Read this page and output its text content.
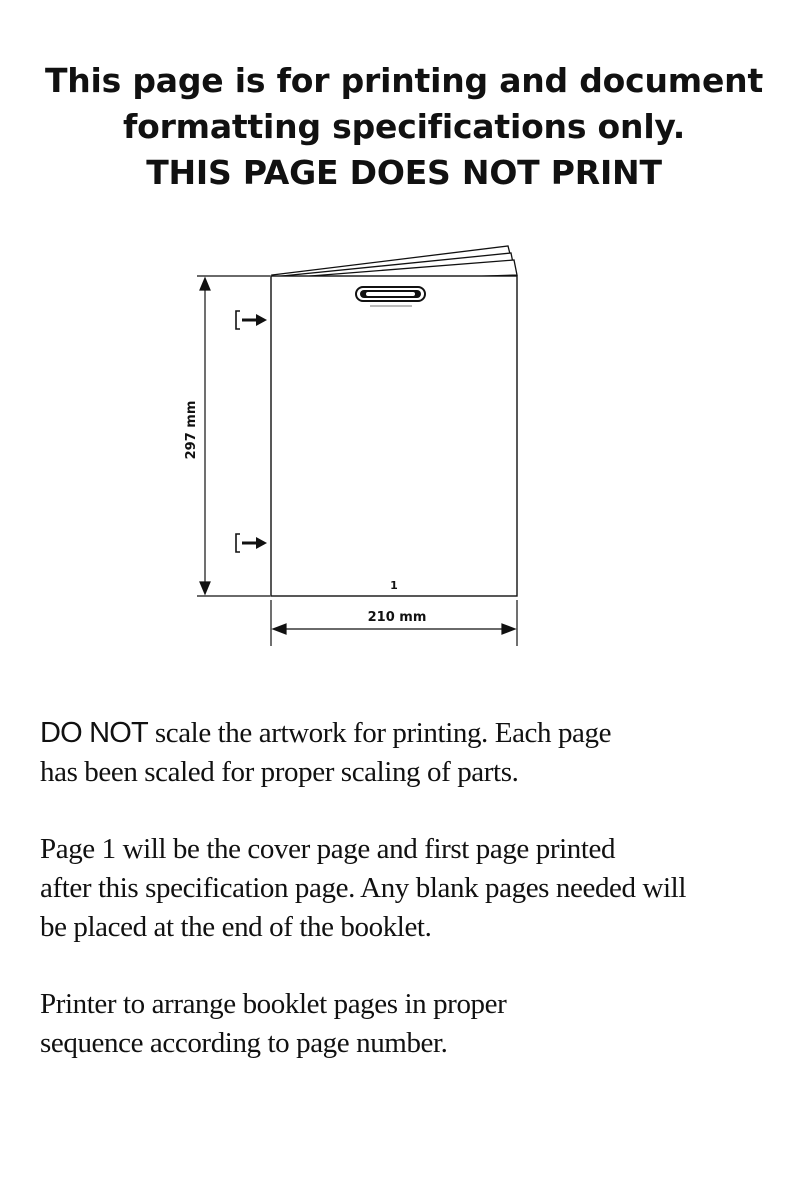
This page is for printing and document
formatting specifications only.
THIS PAGE DOES NOT PRINT
1
297 mm
210 mm

DO NOT scale the artwork for printing. Each page
has been scaled for proper scaling of parts.

Page 1 will be the cover page and first page printed
after this specification page. Any blank pages needed will
be placed at the end of the booklet.

Printer to arrange booklet pages in proper
sequence according to page number.
